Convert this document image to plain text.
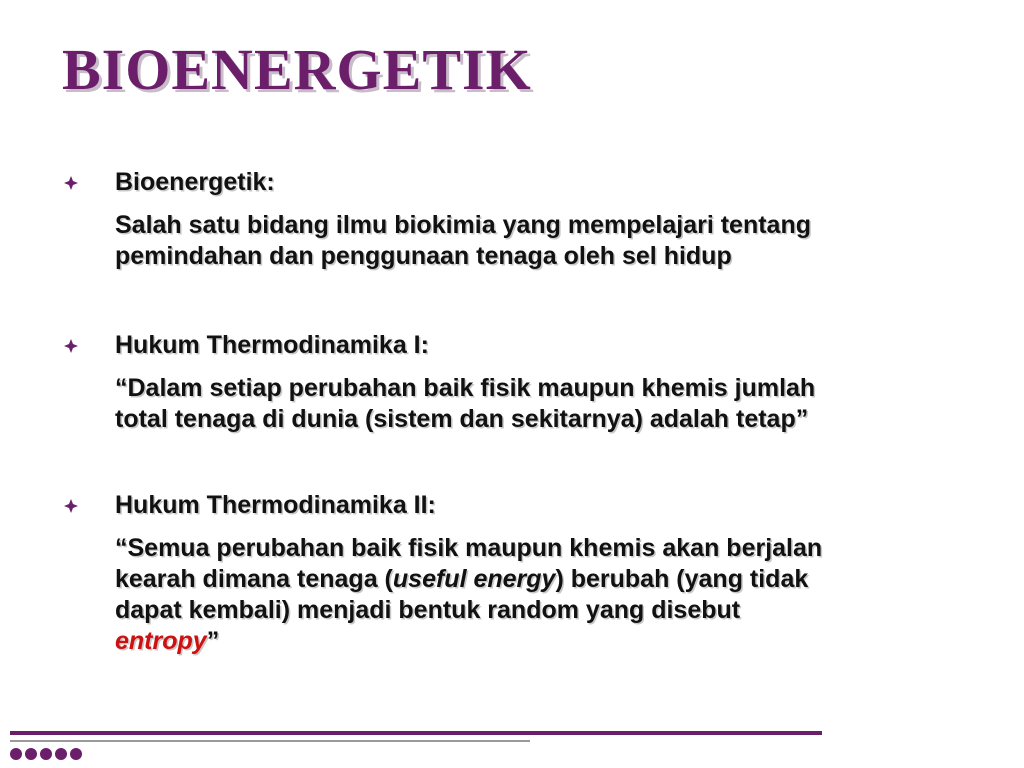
BIOENERGETIK
Bioenergetik:
Salah satu bidang ilmu biokimia yang mempelajari tentang
pemindahan dan penggunaan tenaga oleh sel hidup
Hukum Thermodinamika I:
“Dalam setiap perubahan baik fisik maupun khemis jumlah
total tenaga di dunia (sistem dan sekitarnya) adalah tetap”
Hukum Thermodinamika II:
“Semua perubahan baik fisik maupun khemis akan berjalan
kearah dimana tenaga (useful energy) berubah (yang tidak
dapat kembali) menjadi bentuk random yang disebut
entropy”
